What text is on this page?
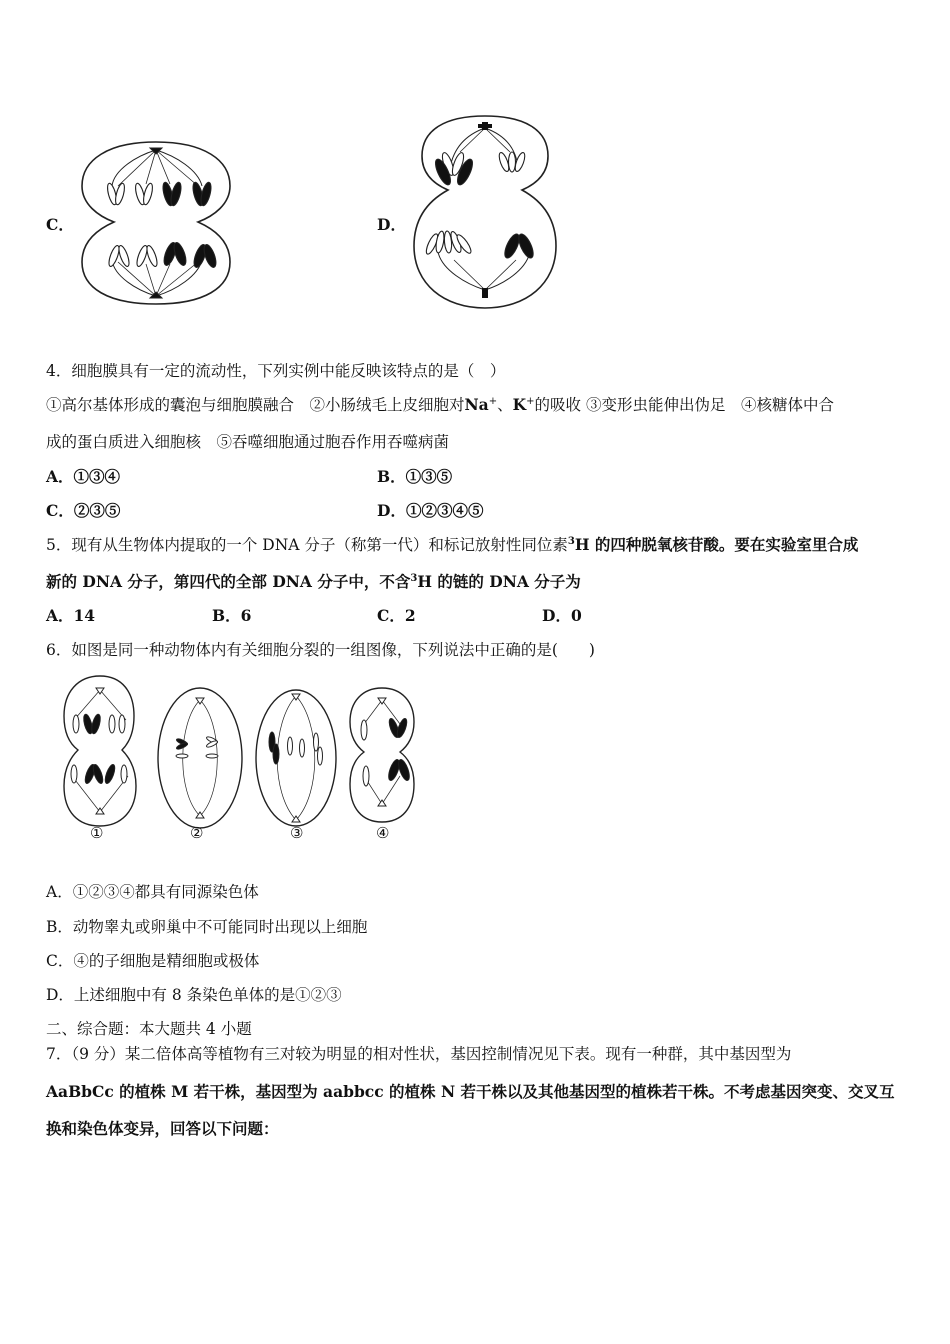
C．	D．
4．细胞膜具有一定的流动性，下列实例中能反映该特点的是（　）
①高尔基体形成的囊泡与细胞膜融合　②小肠绒毛上皮细胞对Na+、K+的吸收 ③变形虫能伸出伪足　④核糖体中合
成的蛋白质进入细胞核　⑤吞噬细胞通过胞吞作用吞噬病菌
A．①③④	B．①③⑤
C．②③⑤	D．①②③④⑤
5．现有从生物体内提取的一个 DNA 分子（称第一代）和标记放射性同位素$^3$H 的四种脱氧核苷酸。要在实验室里合成
新的 DNA 分子，第四代的全部 DNA 分子中，不含$^3$H 的链的 DNA 分子为
A．14	B．6	C．2	D．0
6．如图是同一种动物体内有关细胞分裂的一组图像，下列说法中正确的是(　　)
①	②	③	④
A．①②③④都具有同源染色体
B．动物睾丸或卵巢中不可能同时出现以上细胞
C．④的子细胞是精细胞或极体
D．上述细胞中有 8 条染色单体的是①②③
二、综合题：本大题共 4 小题
7．（9 分）某二倍体高等植物有三对较为明显的相对性状，基因控制情况见下表。现有一种群，其中基因型为
AaBbCc 的植株 M 若干株，基因型为 aabbcc 的植株 N 若干株以及其他基因型的植株若干株。不考虑基因突变、交叉互
换和染色体变异，回答以下问题：
